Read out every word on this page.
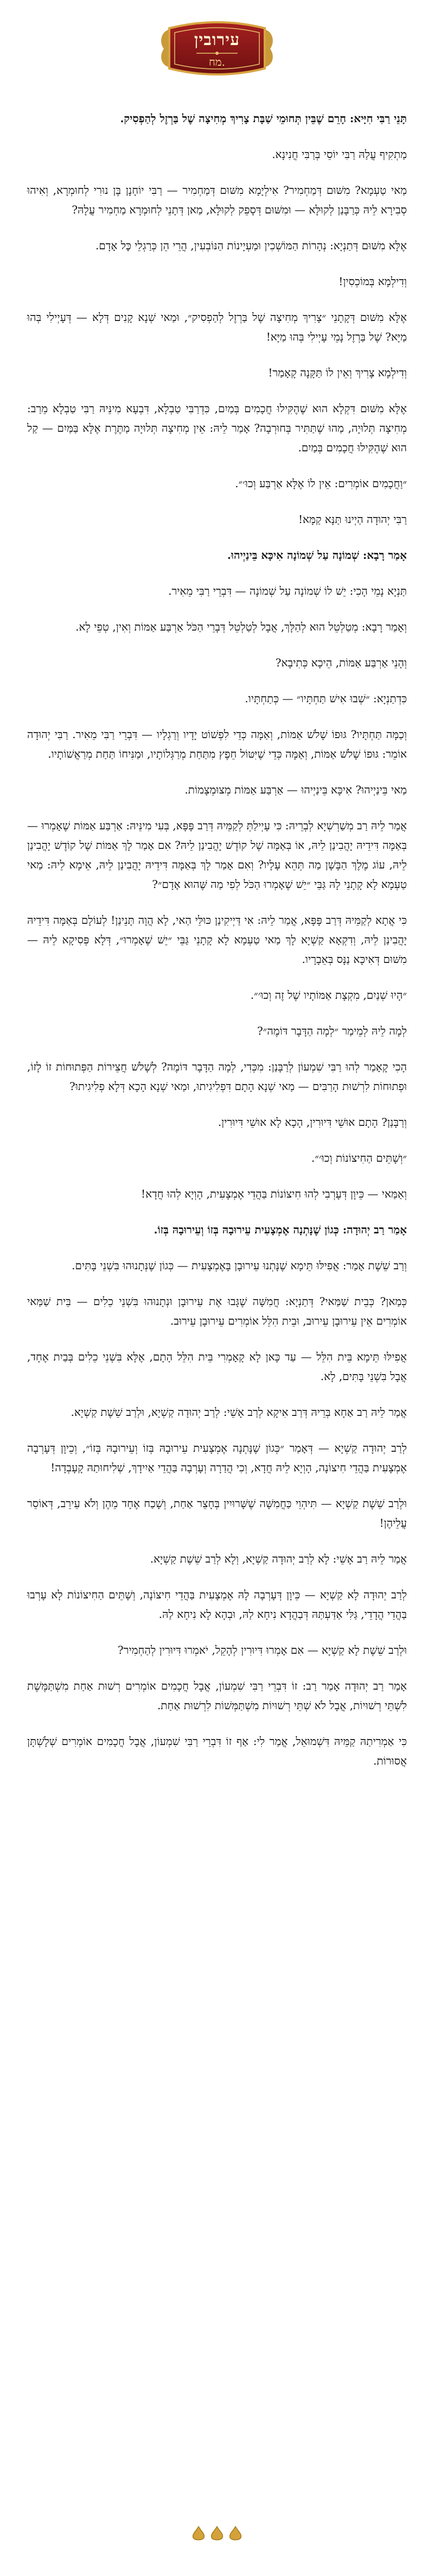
עירובין
מח.

תָּנֵי רַבִּי חִיָּיא: חָרֵם שֶׁבֵּין תְּחוּמֵי שַׁבָּת צָרִיךְ מְחִיצָה שֶׁל בַּרְזֶל לְהַפְסִיק.

מַתְקִיף עֲלַהּ רַבִּי יוֹסֵי בְּרַבִּי חֲנִינָא.

מַאי טַעְמָא? מִשּׁוּם דְּמַחְמִיר? אִילְיָמָא מִשּׁוּם דְּמַחְמִיר — רַבִּי יוֹחָנָן בֶּן נוּרִי לְחוּמְרָא, וְאִיהוּ סְבִירָא לֵיהּ כְּרַבָּנַן לְקוּלָּא — וּמִשּׁוּם דְּסָפֵק לְקוּלָּא, מַאן דְּתָנֵי לְחוּמְרָא מַחְמִיר עֲלָהּ?

אֶלָּא מִשּׁוּם דְּתַנְיָא: נְהָרוֹת הַמּוֹשְׁכִין וּמַעְיָינוֹת הַנּוֹבְעִין, הֲרֵי הֵן כְּרַגְלֵי כׇּל אָדָם.

וְדִילְמָא בְּמוֹכְסִין!

אֶלָּא מִשּׁוּם דְּקָתָנֵי ״צָרִיךְ מְחִיצָה שֶׁל בַּרְזֶל לְהַפְסִיק״, וּמַאי שְׁנָא קָנִים דְּלָא — דְּעָיְילִי בְּהוּ מַיָּא? שֶׁל בַּרְזֶל נָמֵי עָיְילִי בְּהוּ מַיָּא!

וְדִילְמָא צָרִיךְ וְאֵין לוֹ תַּקָּנָה קָאָמַר!

אֶלָּא מִשּׁוּם דִּקְלָא הוּא שֶׁהֶקִּילוּ חֲכָמִים בְּמַיִם, כִּדְרַבִּי טַבְלָא, דִּבְעָא מִינֵּיהּ רַבִּי טַבְלָא מֵרַב: מְחִיצָה תְּלוּיָה, מַהוּ שֶׁתַּתִּיר בְּחוּרְבָה? אָמַר לֵיהּ: אֵין מְחִיצָה תְּלוּיָה מַתֶּרֶת אֶלָּא בַּמַּיִם — קַל הוּא שֶׁהֶקִּילוּ חֲכָמִים בְּמַיִם.

״וַחֲכָמִים אוֹמְרִים: אֵין לוֹ אֶלָּא אַרְבַּע וְכוּ׳״.

רַבִּי יְהוּדָה הַיְינוּ תַּנָּא קַמָּא!

אָמַר רָבָא: שְׁמוֹנָה עַל שְׁמוֹנָה אִיכָּא בֵּינַיְיהוּ.

תַּנְיָא נָמֵי הָכִי: יֵשׁ לוֹ שְׁמוֹנָה עַל שְׁמוֹנָה — דִּבְרֵי רַבִּי מֵאִיר.

וְאָמַר רָבָא: מְטַלְטֵל הוּא לְהַלָּךְ, אֲבָל לְטַלְטֵל דְּבָרֵי הַכֹּל אַרְבַּע אַמּוֹת וְאִין, טְפֵי לָא.

וְהָנֵי אַרְבַּע אַמּוֹת, הֵיכָא כְּתִיבָא?

כִּדְתַנְיָא: ״שְׁבוּ אִישׁ תַּחְתָּיו״ — כְּתַחְתָּיו.

וְכַמָּה תַּחְתָּיו? גּוּפוֹ שָׁלֹשׁ אַמּוֹת, וְאַמָּה כְּדֵי לִפְשׁוֹט יָדָיו וְרַגְלָיו — דִּבְרֵי רַבִּי מֵאִיר. רַבִּי יְהוּדָה אוֹמֵר: גּוּפוֹ שָׁלֹשׁ אַמּוֹת, וְאַמָּה כְּדֵי שֶׁיִּטּוֹל חֵפֶץ מִתַּחַת מְרַגְּלוֹתָיו, וּמַנִּיחוֹ תַּחַת מְרַאֲשׁוֹתָיו.

מַאי בֵּינַיְיהוּ? אִיכָּא בֵּינַיְיהוּ — אַרְבַּע אַמּוֹת מְצוּמְצָמוֹת.

אֲמַר לֵיהּ רַב מְשַׁרְשְׁיָא לְבְרֵיהּ: כִּי עָיְילַתְּ לְקַמֵּיהּ דְּרַב פָּפָּא, בְּעִי מִינֵּיהּ: אַרְבַּע אַמּוֹת שֶׁאָמְרוּ — בְּאַמָּה דִּידֵיהּ יָהֲבִינַן לֵיהּ, אוֹ בְּאַמָּה שֶׁל קוֹדֶשׁ יָהֲבִינַן לֵיהּ? אִם אָמַר לָךְ אַמּוֹת שֶׁל קוֹדֶשׁ יָהֲבִינַן לֵיהּ, עוֹג מֶלֶךְ הַבָּשָׁן מַה תְּהֵא עָלָיו? וְאִם אָמַר לָךְ בְּאַמָּה דִּידֵיהּ יָהֲבִינַן לֵיהּ, אֵימָא לֵיהּ: מַאי טַעְמָא לָא קָתָנֵי לָהּ גַּבֵּי ״יֵשׁ שֶׁאָמְרוּ הַכֹּל לְפִי מַה שֶּׁהוּא אָדָם״?

כִּי אֲתָא לְקַמֵּיהּ דְּרַב פָּפָּא, אֲמַר לֵיהּ: אִי דַּיְיקִינַן כּוּלֵּי הַאי, לָא הֲוָה תָּנֵינַן! לְעוֹלָם בְּאַמָּה דִּידֵיהּ יָהֲבִינַן לֵיהּ, וְדִקְאָא קַשְׁיָא לָךְ מַאי טַעְמָא לָא קָתָנֵי גַּבֵּי ״יֵשׁ שֶׁאָמְרוּ״, דְּלָא פְּסִיקָא לֵיהּ — מִשּׁוּם דְּאִיכָּא נַנָּס בְּאֵבָרָיו.

״הָיוּ שְׁנַיִם, מִקְצָת אַמּוֹתָיו שֶׁל זֶה וְכוּ׳״.

לְמָה לֵיהּ לְמֵימַר ״לְמָה הַדָּבָר דּוֹמֶה״?

הָכִי קָאָמַר לְהוּ רַבִּי שִׁמְעוֹן לְרַבָּנַן: מִכְּדִי, לְמָה הַדָּבָר דּוֹמֶה? לְשָׁלֹשׁ חֲצֵירוֹת הַפְּתוּחוֹת זוֹ לָזוֹ, וּפְתוּחוֹת לִרְשׁוּת הָרַבִּים — מַאי שְׁנָא הָתָם דִּפְלִיגִיתוּ, וּמַאי שְׁנָא הָכָא דְּלָא פְלִיגִיתוּ?

וְרַבָּנַן? הָתָם אוּשֵׁי דִּיוּרִין, הָכָא לָא אוּשֵׁי דִּיוּרִין.

״וְשָׁתֵּים הַחִיצוֹנוֹת וְכוּ׳״.

וְאַמַּאי — כֵּיוָן דְּעָרְבִי לְהוּ חִיצוֹנוֹת בַּהֲדֵי אֶמְצָעִית, הָוְיָא לְהוּ חֲדָא!

אָמַר רַב יְהוּדָה: כְּגוֹן שֶׁנָּתְנָה אֶמְצָעִית עֵירוּבָהּ בְּזוֹ וְעֵירוּבָהּ בְּזוֹ.

וְרַב שֵׁשֶׁת אָמַר: אֲפִילּוּ תֵּימָא שֶׁנָּתְנוּ עֵירוּבָן בָּאֶמְצָעִית — כְּגוֹן שֶׁנְּתָנוּהוּ בִּשְׁנֵי בָּתִּים.

כְּמַאן? כְּבֵית שַׁמַּאי? דְּתַנְיָא: חֲמִשָּׁה שֶׁגָּבוּ אֶת עֵירוּבָן וּנְתָנוּהוּ בִּשְׁנֵי כֵלִים — בֵּית שַׁמַּאי אוֹמְרִים אֵין עֵירוּבָן עֵירוּב, וּבֵית הִלֵּל אוֹמְרִים עֵירוּבָן עֵירוּב.

אֲפִילּוּ תֵּימָא בֵּית הִלֵּל — עַד כָּאן לָא קָאָמְרִי בֵּית הִלֵּל הָתָם, אֶלָּא בִּשְׁנֵי כֵלִים בְּבַיִת אֶחָד, אֲבָל בִּשְׁנֵי בָּתִּים, לָא.

אֲמַר לֵיהּ רַב אַחָא בְּרֵיהּ דְּרַב אִיקָא לְרַב אָשֵׁי: לְרַב יְהוּדָה קַשְׁיָא, וּלְרַב שֵׁשֶׁת קַשְׁיָא.

לְרַב יְהוּדָה קַשְׁיָא — דְּאָמַר ״כְּגוֹן שֶׁנָּתְנָה אֶמְצָעִית עֵירוּבָהּ בְּזוֹ וְעֵירוּבָהּ בְּזוֹ״, וְכֵיוָן דְּעָרְבָה אֶמְצָעִית בַּהֲדֵי חִיצוֹנָה, הָוְיָא לֵיהּ חֲדָא, וְכִי הֲדַרָה וְעָרְבָה בַּהֲדֵי אַיִידָךְ, שְׁלִיחוּתַהּ קָעָבְדָה!

וּלְרַב שֵׁשֶׁת קַשְׁיָא — תִּיהְוֵי כַּחֲמִשָּׁה שֶׁשָּׁרוּיִין בְּחָצֵר אַחַת, וְשָׁכַח אֶחָד מֵהֶן וְלֹא עֵירֵב, דְּאוֹסֵר עֲלֵיהֶן!

אֲמַר לֵיהּ רַב אָשֵׁי: לָא לְרַב יְהוּדָה קַשְׁיָא, וְלָא לְרַב שֵׁשֶׁת קַשְׁיָא.

לְרַב יְהוּדָה לָא קַשְׁיָא — כֵּיוָן דְּעָרְבָה לָהּ אֶמְצָעִית בַּהֲדֵי חִיצוֹנָה, וְשָׁתֵּים הַחִיצוֹנוֹת לָא עָרְבוּ בַּהֲדֵי הֲדָדֵי, גַּלִּי אַדַּעְתַּהּ דְּבַהֲדָא נִיחָא לַהּ, וּבְהָא לָא נִיחָא לַהּ.

וּלְרַב שֵׁשֶׁת לָא קַשְׁיָא — אִם אָמְרוּ דִּיוּרִין לְהָקֵל, יֹאמְרוּ דִּיוּרִין לְהַחְמִיר?

אָמַר רַב יְהוּדָה אָמַר רַב: זוֹ דִּבְרֵי רַבִּי שִׁמְעוֹן, אֲבָל חֲכָמִים אוֹמְרִים רְשׁוּת אַחַת מִשְׁתַּמֶּשֶׁת לִשְׁתֵּי רְשׁוּיוֹת, אֲבָל לֹא שְׁתֵּי רְשׁוּיוֹת מִשְׁתַּמְּשׁוֹת לִרְשׁוּת אַחַת.

כִּי אַמְרִיתַהּ קַמֵּיהּ דִּשְׁמוּאֵל, אֲמַר לִי: אַף זוֹ דִּבְרֵי רַבִּי שִׁמְעוֹן, אֲבָל חֲכָמִים אוֹמְרִים שְׁלָשְׁתָּן אֲסוּרוֹת.
